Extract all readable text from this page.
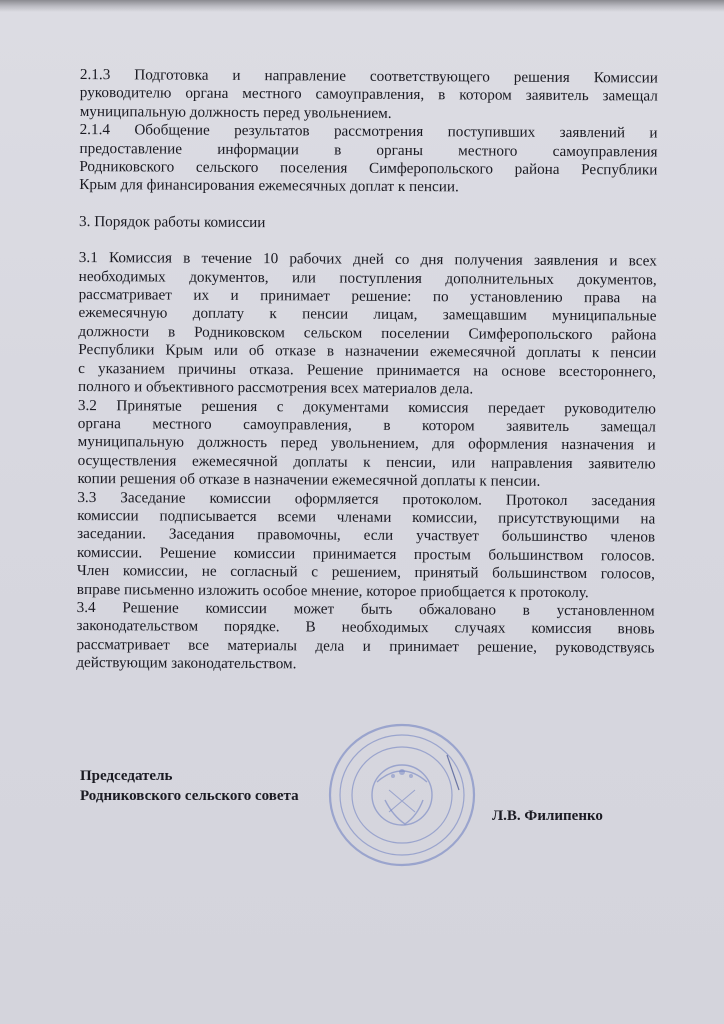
2.1.3 Подготовка и направление соответствующего решения Комиссии
руководителю органа местного самоуправления, в котором заявитель замещал
муниципальную должность перед увольнением.

2.1.4 Обобщение результатов рассмотрения поступивших заявлений и
предоставление информации в органы местного самоуправления
Родниковского сельского поселения Симферопольского района Республики
Крым для финансирования ежемесячных доплат к пенсии.

3. Порядок работы комиссии

3.1 Комиссия в течение 10 рабочих дней со дня получения заявления и всех
необходимых документов, или поступления дополнительных документов,
рассматривает их и принимает решение: по установлению права на
ежемесячную доплату к пенсии лицам, замещавшим муниципальные
должности в Родниковском сельском поселении Симферопольского района
Республики Крым или об отказе в назначении ежемесячной доплаты к пенсии
с указанием причины отказа. Решение принимается на основе всестороннего,
полного и объективного рассмотрения всех материалов дела.

3.2 Принятые решения с документами комиссия передает руководителю
органа местного самоуправления, в котором заявитель замещал
муниципальную должность перед увольнением, для оформления назначения и
осуществления ежемесячной доплаты к пенсии, или направления заявителю
копии решения об отказе в назначении ежемесячной доплаты к пенсии.

3.3 Заседание комиссии оформляется протоколом. Протокол заседания
комиссии подписывается всеми членами комиссии, присутствующими на
заседании. Заседания правомочны, если участвует большинство членов
комиссии. Решение комиссии принимается простым большинством голосов.
Член комиссии, не согласный с решением, принятый большинством голосов,
вправе письменно изложить особое мнение, которое приобщается к протоколу.

3.4 Решение комиссии может быть обжаловано в установленном
законодательством порядке. В необходимых случаях комиссия вновь
рассматривает все материалы дела и принимает решение, руководствуясь
действующим законодательством.

Председатель
Родниковского сельского совета
Л.В. Филипенко
